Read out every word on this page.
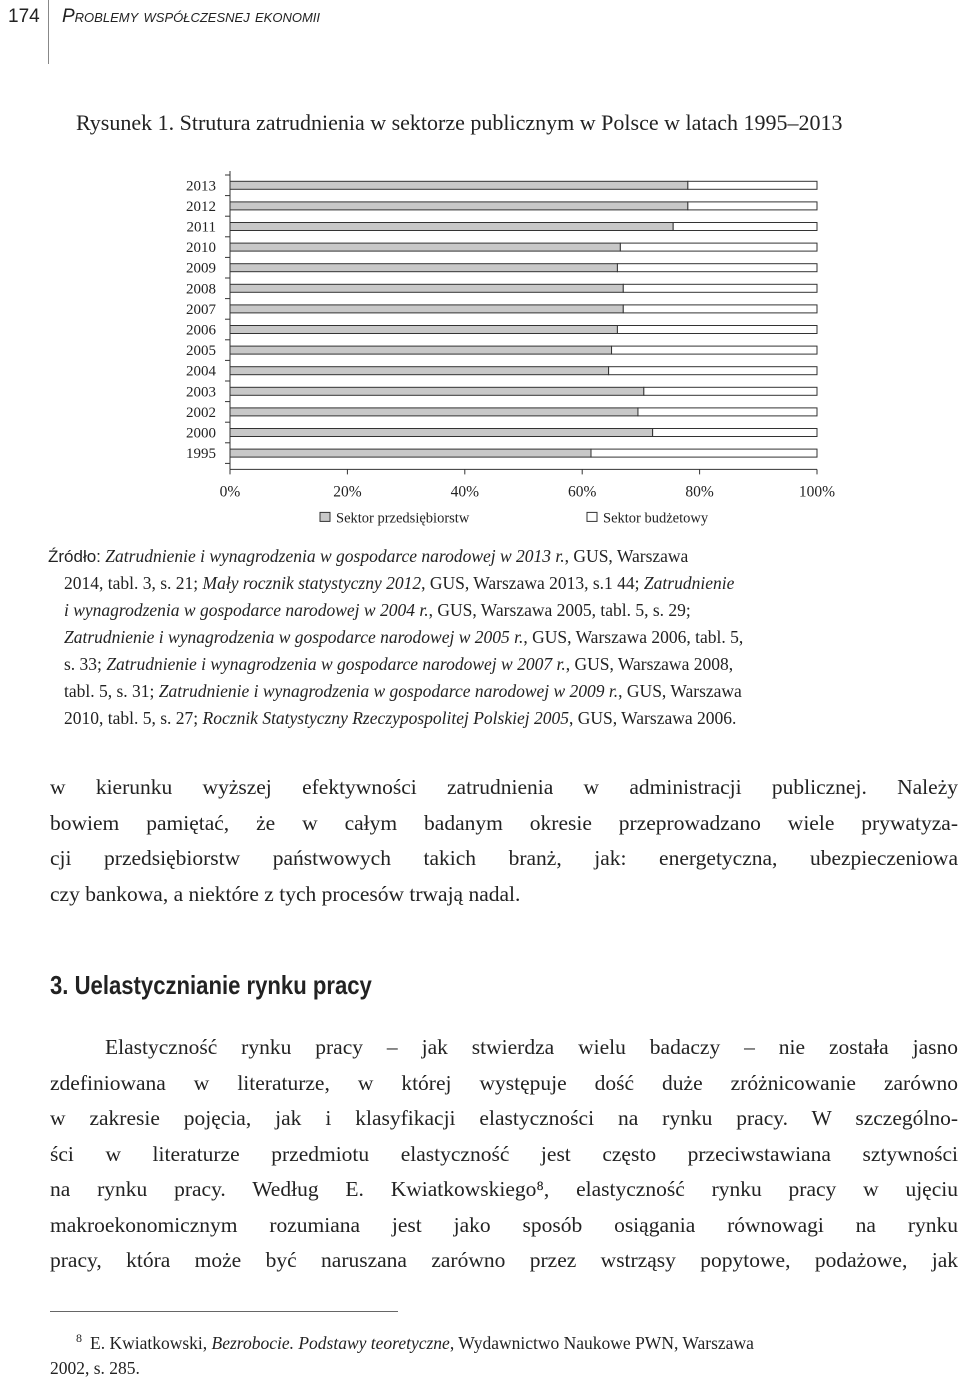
174 Problemy współczesnej ekonomii
Rysunek 1. Strutura zatrudnienia w sektorze publicznym w Polsce w latach 1995–2013
2013
2012
2011
2010
2009
2008
2007
2006
2005
2004
2003
2002
2000
1995
0%	20%	40%	60%	80%	100%
Sektor przedsiębiorstw	Sektor budżetowy
Źródło: Zatrudnienie i wynagrodzenia w gospodarce narodowej w 2013 r., GUS, Warszawa
2014, tabl. 3, s. 21; Mały rocznik statystyczny 2012, GUS, Warszawa 2013, s.1 44; Zatrudnienie
i wynagrodzenia w gospodarce narodowej w 2004 r., GUS, Warszawa 2005, tabl. 5, s. 29;
Zatrudnienie i wynagrodzenia w gospodarce narodowej w 2005 r., GUS, Warszawa 2006, tabl. 5,
s. 33; Zatrudnienie i wynagrodzenia w gospodarce narodowej w 2007 r., GUS, Warszawa 2008,
tabl. 5, s. 31; Zatrudnienie i wynagrodzenia w gospodarce narodowej w 2009 r., GUS, Warszawa
2010, tabl. 5, s. 27; Rocznik Statystyczny Rzeczypospolitej Polskiej 2005, GUS, Warszawa 2006.
w kierunku wyższej efektywności zatrudnienia w administracji publicznej. Należy
bowiem pamiętać, że w całym badanym okresie przeprowadzano wiele prywatyza-
cji przedsiębiorstw państwowych takich branż, jak: energetyczna, ubezpieczeniowa
czy bankowa, a niektóre z tych procesów trwają nadal.
3. Uelastycznianie rynku pracy
Elastyczność rynku pracy – jak stwierdza wielu badaczy – nie została jasno
zdefiniowana w literaturze, w której występuje dość duże zróżnicowanie zarówno
w zakresie pojęcia, jak i klasyfikacji elastyczności na rynku pracy. W szczególno-
ści w literaturze przedmiotu elastyczność jest często przeciwstawiana sztywności
na rynku pracy. Według E. Kwiatkowskiego⁸, elastyczność rynku pracy w ujęciu
makroekonomicznym rozumiana jest jako sposób osiągania równowagi na rynku
pracy, która może być naruszana zarówno przez wstrząsy popytowe, podażowe, jak
$^8$ E. Kwiatkowski, Bezrobocie. Podstawy teoretyczne, Wydawnictwo Naukowe PWN, Warszawa
2002, s. 285.
